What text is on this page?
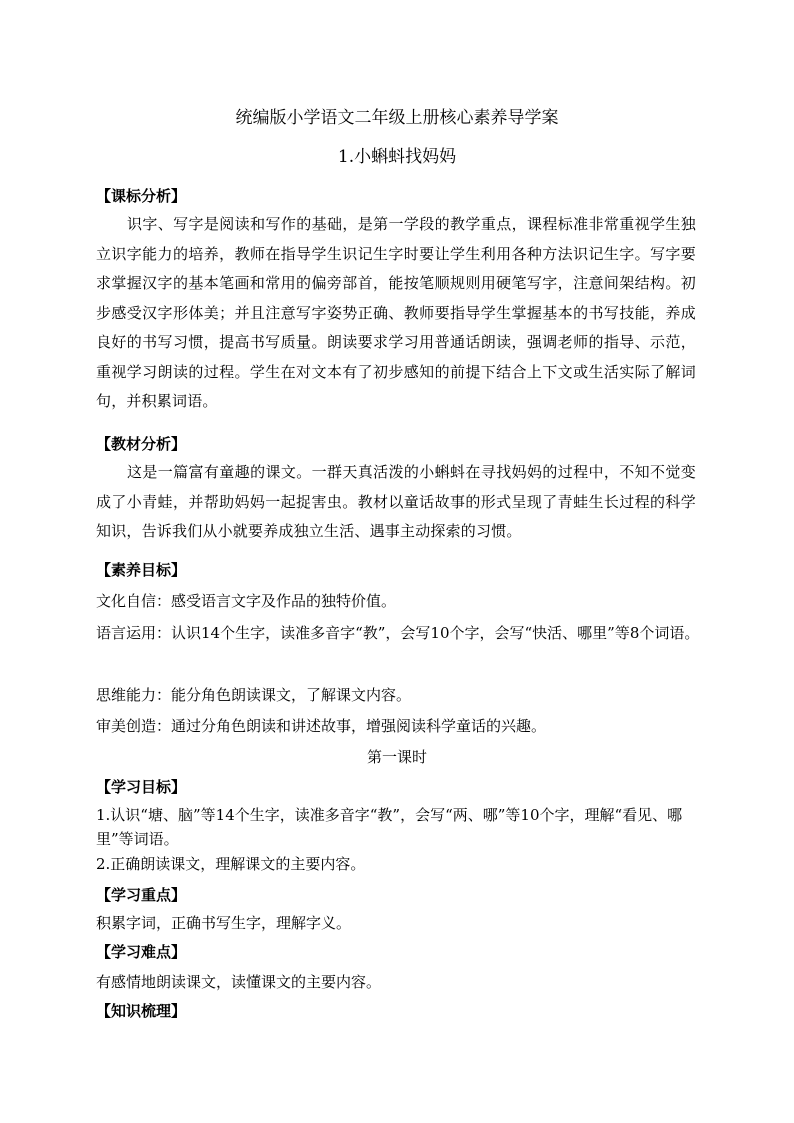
统编版小学语文二年级上册核心素养导学案
1.小蝌蚪找妈妈
【课标分析】
识字、写字是阅读和写作的基础，是第一学段的教学重点，课程标准非常重视学生独立识字能力的培养，教师在指导学生识记生字时要让学生利用各种方法识记生字。写字要求掌握汉字的基本笔画和常用的偏旁部首，能按笔顺规则用硬笔写字，注意间架结构。初步感受汉字形体美；并且注意写字姿势正确、教师要指导学生掌握基本的书写技能，养成良好的书写习惯，提高书写质量。朗读要求学习用普通话朗读，强调老师的指导、示范，重视学习朗读的过程。学生在对文本有了初步感知的前提下结合上下文或生活实际了解词句，并积累词语。
【教材分析】
这是一篇富有童趣的课文。一群天真活泼的小蝌蚪在寻找妈妈的过程中，不知不觉变成了小青蛙，并帮助妈妈一起捉害虫。教材以童话故事的形式呈现了青蛙生长过程的科学知识，告诉我们从小就要养成独立生活、遇事主动探索的习惯。
【素养目标】
文化自信：感受语言文字及作品的独特价值。
语言运用：认识14个生字，读准多音字“教”，会写10个字，会写“快活、哪里”等8个词语。
思维能力：能分角色朗读课文，了解课文内容。
审美创造：通过分角色朗读和讲述故事，增强阅读科学童话的兴趣。
第一课时
【学习目标】
1.认识“塘、脑”等14个生字，读准多音字“教”，会写“两、哪”等10个字，理解“看见、哪里”等词语。
2.正确朗读课文，理解课文的主要内容。
【学习重点】
积累字词，正确书写生字，理解字义。
【学习难点】
有感情地朗读课文，读懂课文的主要内容。
【知识梳理】
